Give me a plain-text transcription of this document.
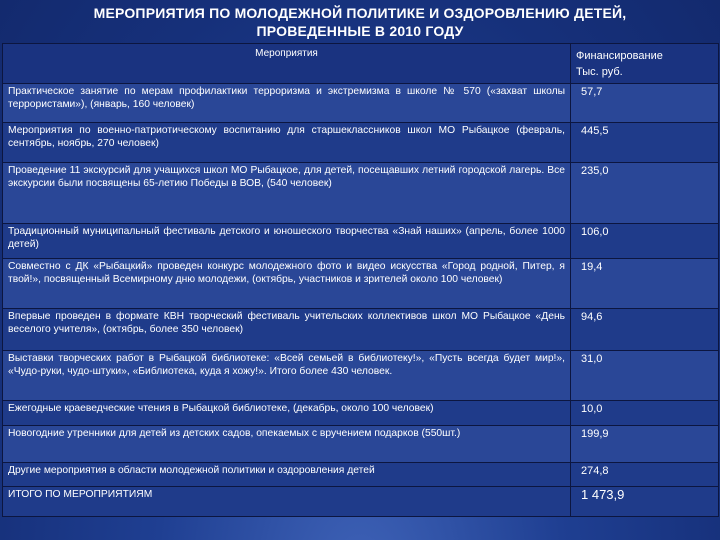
МЕРОПРИЯТИЯ ПО МОЛОДЕЖНОЙ ПОЛИТИКЕ И ОЗДОРОВЛЕНИЮ ДЕТЕЙ,
ПРОВЕДЕННЫЕ В 2010 ГОДУ
Мероприятия	Финансирование
Тыс. руб.

Практическое занятие по мерам профилактики терроризма и экстремизма в школе № 570 («захват школы террористами»), (январь, 160 человек)	57,7
Мероприятия по военно-патриотическому воспитанию для старшеклассников школ МО Рыбацкое (февраль, сентябрь, ноябрь, 270 человек)	445,5
Проведение 11 экскурсий для учащихся школ МО Рыбацкое, для детей, посещавших летний городской лагерь. Все экскурсии были посвящены 65-летию Победы в ВОВ, (540 человек)	235,0
Традиционный муниципальный фестиваль детского и юношеского творчества «Знай наших» (апрель, более 1000 детей)	106,0
Совместно с ДК «Рыбацкий» проведен конкурс молодежного фото и видео искусства «Город родной, Питер, я твой!», посвященный Всемирному дню молодежи, (октябрь, участников и зрителей около 100 человек)	19,4
Впервые проведен в формате КВН творческий фестиваль учительских коллективов школ МО Рыбацкое «День веселого учителя», (октябрь, более 350 человек)	94,6
Выставки творческих работ в Рыбацкой библиотеке: «Всей семьей в библиотеку!», «Пусть всегда будет мир!», «Чудо-руки, чудо-штуки», «Библиотека, куда я хожу!». Итого более 430 человек.	31,0
Ежегодные краеведческие чтения в Рыбацкой библиотеке, (декабрь, около 100 человек)	10,0
Новогодние утренники для детей из детских садов, опекаемых с вручением подарков (550шт.)	199,9
Другие мероприятия в области молодежной политики и оздоровления детей	274,8
ИТОГО ПО МЕРОПРИЯТИЯМ	1 473,9
